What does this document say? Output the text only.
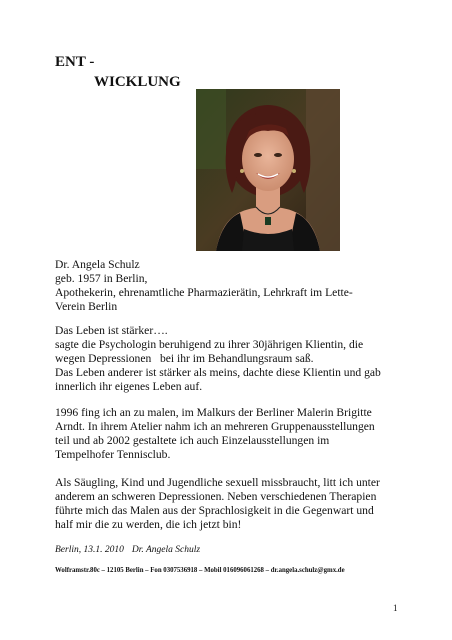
ENT -
WICKLUNG

Dr. Angela Schulz

geb. 1957 in Berlin,

Apothekerin, ehrenamtliche Pharmazierätin, Lehrkraft im Lette-

Verein Berlin

Das Leben ist stärker….

sagte die Psychologin beruhigend zu ihrer 30jährigen Klientin, die

wegen Depressionen   bei ihr im Behandlungsraum saß.

Das Leben anderer ist stärker als meins, dachte diese Klientin und gab

innerlich ihr eigenes Leben auf.

1996 fing ich an zu malen, im Malkurs der Berliner Malerin Brigitte

Arndt. In ihrem Atelier nahm ich an mehreren Gruppenausstellungen

teil und ab 2002 gestaltete ich auch Einzelausstellungen im

Tempelhofer Tennisclub.

Als Säugling, Kind und Jugendliche sexuell missbraucht, litt ich unter

anderem an schweren Depressionen. Neben verschiedenen Therapien

führte mich das Malen aus der Sprachlosigkeit in die Gegenwart und

half mir die zu werden, die ich jetzt bin!

Berlin, 13.1. 2010 Dr. Angela Schulz
Wolframstr.80c – 12105 Berlin – Fon 0307536918 – Mobil 016096061268 – dr.angela.schulz@gmx.de
1
